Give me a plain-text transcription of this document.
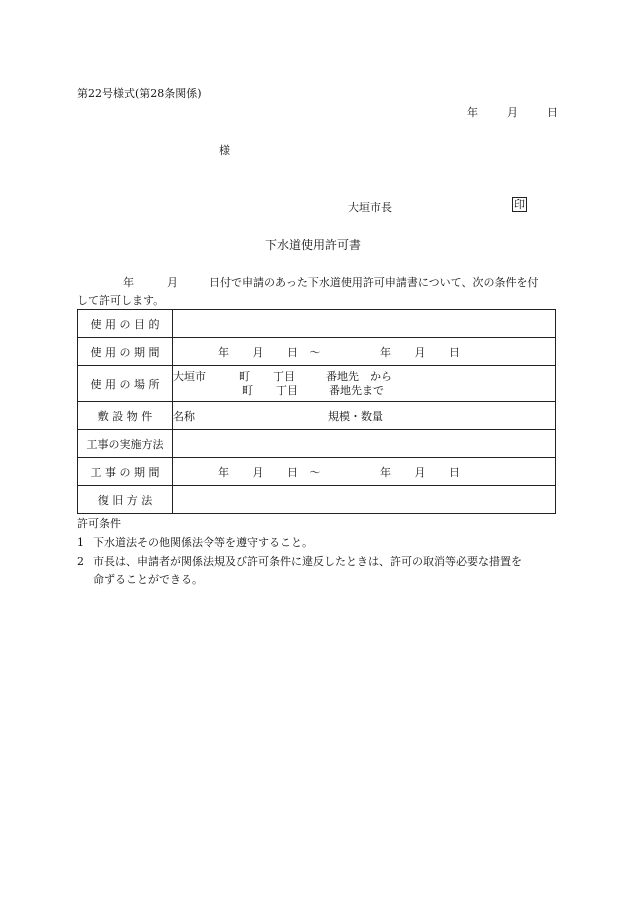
第22号様式(第28条関係)
年	月	日
様
大垣市長	印
下水道使用許可書
年	月	日付で申請のあった下水道使用許可申請書について、次の条件を付
して許可します。
使 用 の 目 的	
使 用 の 期 間	年 月 日 〜 年 月 日
使 用 の 場 所	大垣市 町 丁目 番地先　から
町 丁目 番地先まで

敷 設 物 件	名称 規模・数量
工事の実施方法	
工 事 の 期 間	年 月 日 〜 年 月 日
復 旧 方 法	
許可条件
1 下水道法その他関係法令等を遵守すること。
2 市長は、申請者が関係法規及び許可条件に違反したときは、許可の取消等必要な措置を
命ずることができる。
